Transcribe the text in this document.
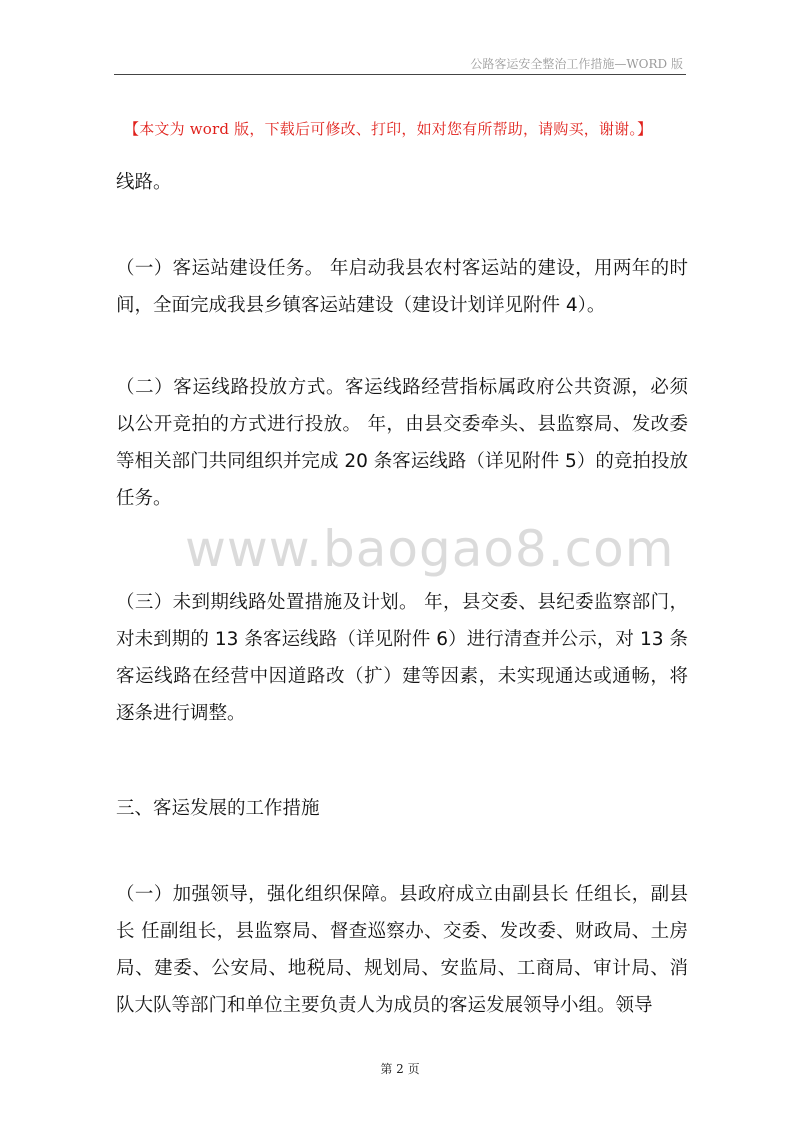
公路客运安全整治工作措施—WORD 版
【本文为 word 版，下载后可修改、打印，如对您有所帮助，请购买，谢谢。】

线路。

（一）客运站建设任务。 年启动我县农村客运站的建设，用两年的时间，全面完成我县乡镇客运站建设（建设计划详见附件 4）。

（二）客运线路投放方式。客运线路经营指标属政府公共资源，必须以公开竞拍的方式进行投放。 年，由县交委牵头、县监察局、发改委等相关部门共同组织并完成 20 条客运线路（详见附件 5）的竞拍投放任务。

www.baogao8.com

（三）未到期线路处置措施及计划。 年，县交委、县纪委监察部门，对未到期的 13 条客运线路（详见附件 6）进行清查并公示，对 13 条客运线路在经营中因道路改（扩）建等因素，未实现通达或通畅，将逐条进行调整。

三、客运发展的工作措施

（一）加强领导，强化组织保障。县政府成立由副县长 任组长，副县长 任副组长，县监察局、督查巡察办、交委、发改委、财政局、土房局、建委、公安局、地税局、规划局、安监局、工商局、审计局、消队大队等部门和单位主要负责人为成员的客运发展领导小组。领导

第 2 页
